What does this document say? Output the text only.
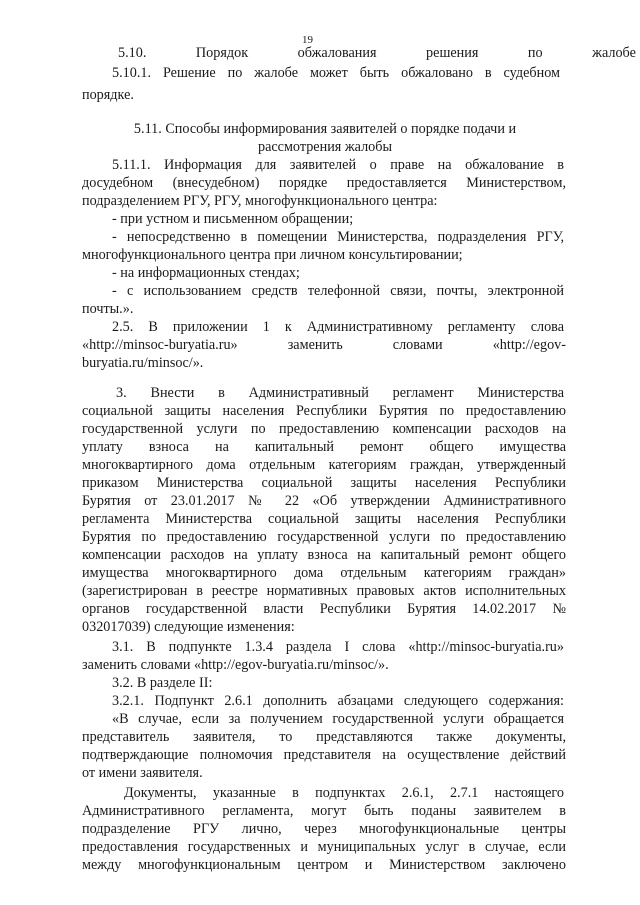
19
5.10. Порядок обжалования решения по жалобе
5.10.1. Решение по жалобе может быть обжаловано в судебном
порядке.
5.11. Способы информирования заявителей о порядке подачи и
рассмотрения жалобы
5.11.1. Информация для заявителей о праве на обжалование в
досудебном (внесудебном) порядке предоставляется Министерством,
подразделением РГУ, РГУ, многофункционального центра:
- при устном и письменном обращении;
- непосредственно в помещении Министерства, подразделения РГУ,
многофункционального центра при личном консультировании;
- на информационных стендах;
- с использованием средств телефонной связи, почты, электронной
почты.».
2.5. В приложении 1 к Административному регламенту слова
«http://minsoc-buryatia.ru» заменить словами «http://egov-
buryatia.ru/minsoc/».
3. Внести в Административный регламент Министерства
социальной защиты населения Республики Бурятия по предоставлению
государственной услуги по предоставлению компенсации расходов на
уплату взноса на капитальный ремонт общего имущества
многоквартирного дома отдельным категориям граждан, утвержденный
приказом Министерства социальной защиты населения Республики
Бурятия от 23.01.2017 № 22 «Об утверждении Административного
регламента Министерства социальной защиты населения Республики
Бурятия по предоставлению государственной услуги по предоставлению
компенсации расходов на уплату взноса на капитальный ремонт общего
имущества многоквартирного дома отдельным категориям граждан»
(зарегистрирован в реестре нормативных правовых актов исполнительных
органов государственной власти Республики Бурятия 14.02.2017 №
032017039) следующие изменения:
3.1. В подпункте 1.3.4 раздела I слова «http://minsoc-buryatia.ru»
заменить словами «http://egov-buryatia.ru/minsoc/».
3.2. В разделе II:
3.2.1. Подпункт 2.6.1 дополнить абзацами следующего содержания:
«В случае, если за получением государственной услуги обращается
представитель заявителя, то представляются также документы,
подтверждающие полномочия представителя на осуществление действий
от имени заявителя.
Документы, указанные в подпунктах 2.6.1, 2.7.1 настоящего
Административного регламента, могут быть поданы заявителем в
подразделение РГУ лично, через многофункциональные центры
предоставления государственных и муниципальных услуг в случае, если
между многофункциональным центром и Министерством заключено
